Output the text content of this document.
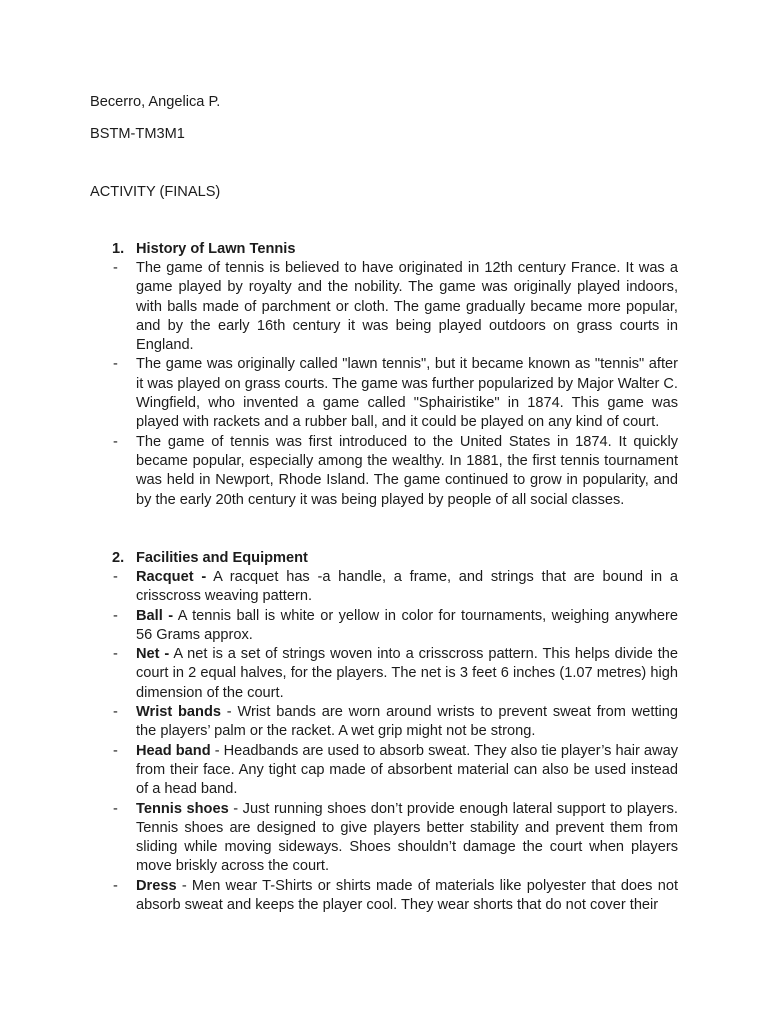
Becerro, Angelica P.

BSTM-TM3M1

ACTIVITY (FINALS)

1. History of Lawn Tennis

- The game of tennis is believed to have originated in 12th century France. It was a game played by royalty and the nobility. The game was originally played indoors, with balls made of parchment or cloth. The game gradually became more popular, and by the early 16th century it was being played outdoors on grass courts in England.

- The game was originally called "lawn tennis", but it became known as "tennis" after it was played on grass courts. The game was further popularized by Major Walter C. Wingfield, who invented a game called "Sphairistike" in 1874. This game was played with rackets and a rubber ball, and it could be played on any kind of court.

- The game of tennis was first introduced to the United States in 1874. It quickly became popular, especially among the wealthy. In 1881, the first tennis tournament was held in Newport, Rhode Island. The game continued to grow in popularity, and by the early 20th century it was being played by people of all social classes.

2. Facilities and Equipment

- Racquet - A racquet has -a handle, a frame, and strings that are bound in a crisscross weaving pattern.

- Ball - A tennis ball is white or yellow in color for tournaments, weighing anywhere 56 Grams approx.

- Net - A net is a set of strings woven into a crisscross pattern. This helps divide the court in 2 equal halves, for the players. The net is 3 feet 6 inches (1.07 metres) high dimension of the court.

- Wrist bands - Wrist bands are worn around wrists to prevent sweat from wetting the players’ palm or the racket. A wet grip might not be strong.

- Head band - Headbands are used to absorb sweat. They also tie player’s hair away from their face. Any tight cap made of absorbent material can also be used instead of a head band.

- Tennis shoes - Just running shoes don’t provide enough lateral support to players. Tennis shoes are designed to give players better stability and prevent them from sliding while moving sideways. Shoes shouldn’t damage the court when players move briskly across the court.

- Dress - Men wear T-Shirts or shirts made of materials like polyester that does not absorb sweat and keeps the player cool. They wear shorts that do not cover their
